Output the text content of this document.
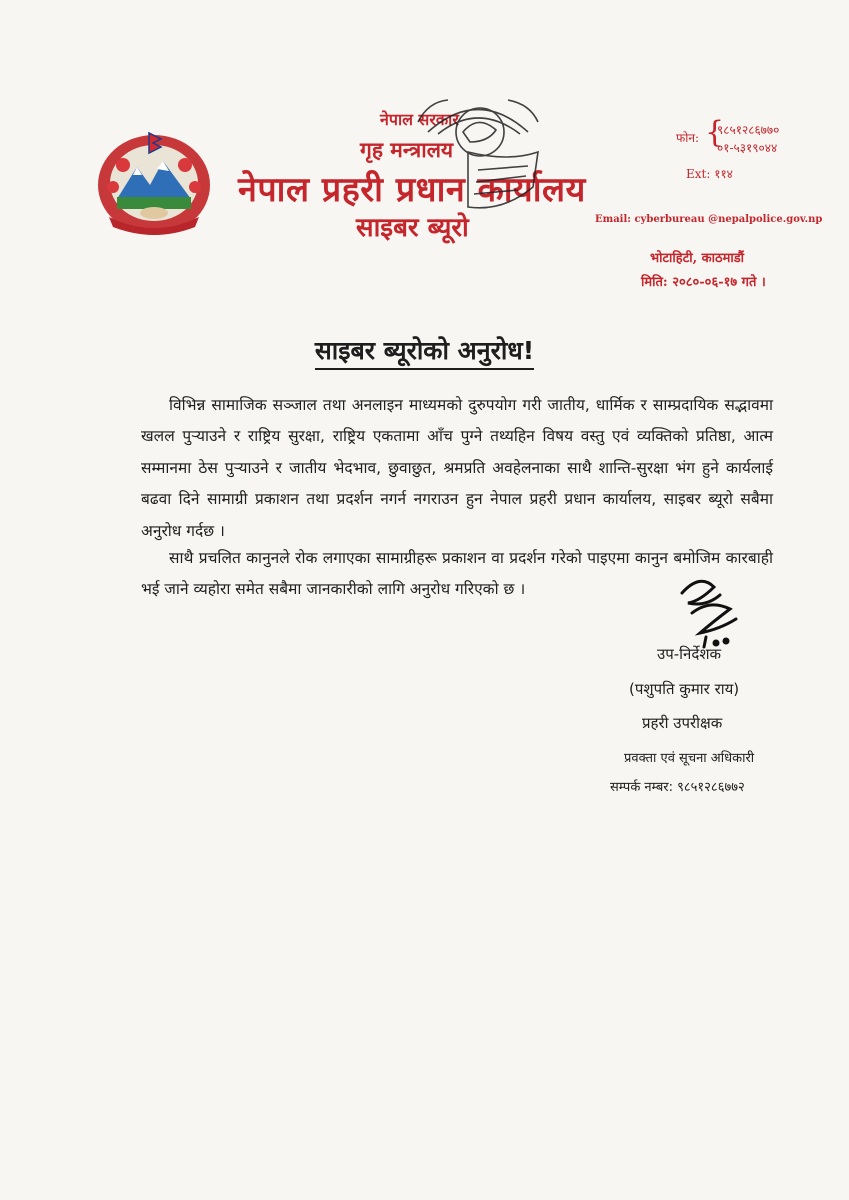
नेपाल सरकार
गृह मन्त्रालय
नेपाल प्रहरी प्रधान कार्यालय
साइबर ब्यूरो
फोन: {
९८५१२८६७७०
०१-५३१९०४४
Ext: ११४
Email: cyberbureau @nepalpolice.gov.np
भोटाहिटी, काठमाडौं
मिति: २०८०-०६-१७ गते ।
साइबर ब्यूरोको अनुरोध!

विभिन्न सामाजिक सञ्जाल तथा अनलाइन माध्यमको दुरुपयोग गरी जातीय, धार्मिक र साम्प्रदायिक सद्भावमा खलल पुऱ्याउने र राष्ट्रिय सुरक्षा, राष्ट्रिय एकतामा आँच पुग्ने तथ्यहिन विषय वस्तु एवं व्यक्तिको प्रतिष्ठा, आत्म सम्मानमा ठेस पुऱ्याउने र जातीय भेदभाव, छुवाछुत, श्रमप्रति अवहेलनाका साथै शान्ति-सुरक्षा भंग हुने कार्यलाई बढवा दिने सामाग्री प्रकाशन तथा प्रदर्शन नगर्न नगराउन हुन नेपाल प्रहरी प्रधान कार्यालय, साइबर ब्यूरो सबैमा अनुरोध गर्दछ ।

साथै प्रचलित कानुनले रोक लगाएका सामाग्रीहरू प्रकाशन वा प्रदर्शन गरेको पाइएमा कानुन बमोजिम कारबाही भई जाने व्यहोरा समेत सबैमा जानकारीको लागि अनुरोध गरिएको छ ।

उप-निर्देशक
(पशुपति कुमार राय)
प्रहरी उपरीक्षक
प्रवक्ता एवं सूचना अधिकारी
सम्पर्क नम्बर: ९८५१२८६७७२
